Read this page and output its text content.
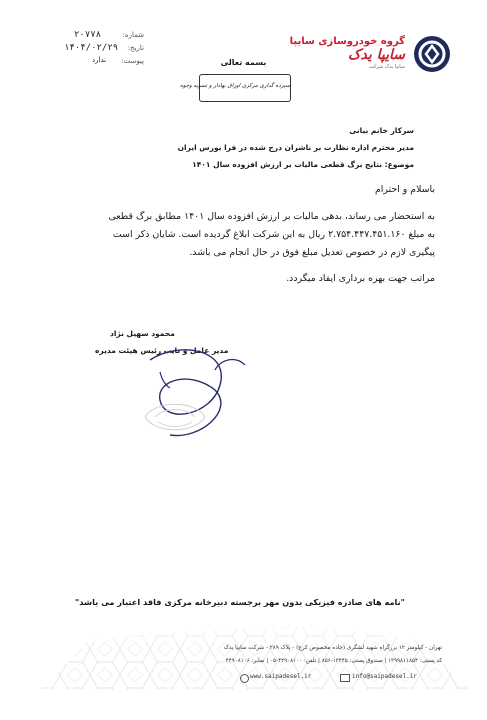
گروه خودروسازی سایپا
سایپا یدک
سایپا یدک شرکت
شماره:
۲۰۷۷۸
تاریخ:
۱۴۰۴/۰۲/۲۹
پیوست:
ندارد	بسمه تعالی
سپرده گذاری مرکزی اوراق بهادار و تسویه وجوه
سرکار خانم بیانی
مدیر محترم اداره نظارت بر ناشران درج شده در فرا بورس ایران
موضوع: نتایج برگ قطعی مالیات بر ارزش افزوده سال ۱۴۰۱
باسلام و احترام
به استحضار می رساند، بدهی مالیات بر ارزش افزوده سال ۱۴۰۱ مطابق برگ قطعی
به مبلغ ۲.۷۵۴.۴۴۷.۴۵۱.۱۶۰ ریال به این شرکت ابلاغ گردیده است. شایان ذکر است
پیگیری لازم در خصوص تعدیل مبلغ فوق در حال انجام می باشد.
مراتب جهت بهره برداری ایفاد میگردد.
محمود سهیل نژاد
مدیر عامل و نایب رئیس هیئت مدیره
"نامه های صادره فیزیکی بدون مهر برجسته دبیرخانه مرکزی فاقد اعتبار می باشد"
تهران - کیلومتر ۱۲ بزرگراه شهید لشگری (جاده مخصوص کرج) - پلاک ۲۸۹ - شرکت سایپا یدک
کد پستی: ۱۳۹۹۸۱۱۸۵۴ | صندوق پستی: ۱۳۴۴۵-۸۵۶ | تلفن: ۴۴۹۰۸۱۰۰-۰۵ | نمابر: ۴۴۹۰۸۱۰۶
www.saipadesel.ir	info@saipadesel.ir
